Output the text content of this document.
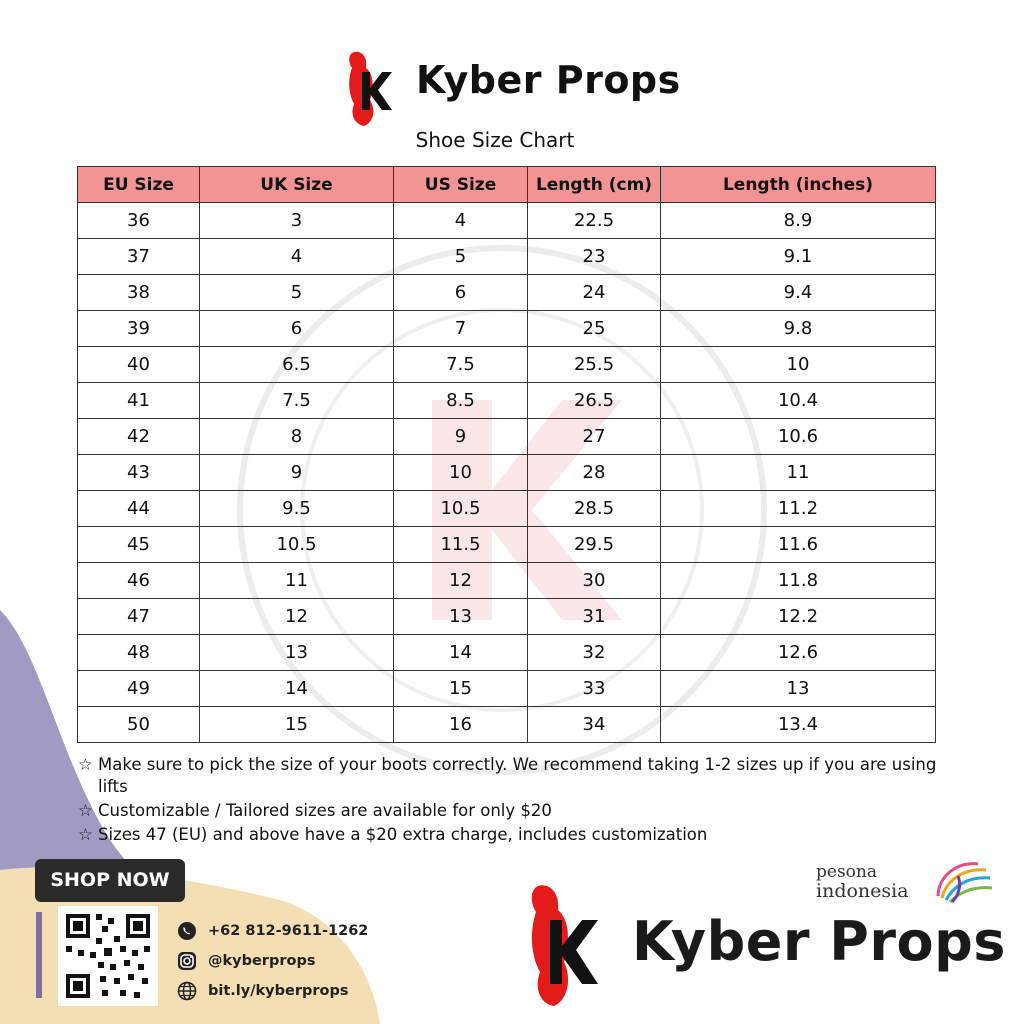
Kyber Props
Shoe Size Chart
EU Size	UK Size	US Size	Length (cm)	Length (inches)
36	3	4	22.5	8.9
37	4	5	23	9.1
38	5	6	24	9.4
39	6	7	25	9.8
40	6.5	7.5	25.5	10
41	7.5	8.5	26.5	10.4
42	8	9	27	10.6
43	9	10	28	11
44	9.5	10.5	28.5	11.2
45	10.5	11.5	29.5	11.6
46	11	12	30	11.8
47	12	13	31	12.2
48	13	14	32	12.6
49	14	15	33	13
50	15	16	34	13.4
☆ Make sure to pick the size of your boots correctly. We recommend taking 1-2 sizes up if you are using lifts
☆ Customizable / Tailored sizes are available for only $20
☆ Sizes 47 (EU) and above have a $20 extra charge, includes customization
SHOP NOW
+62 812-9611-1262
@kyberprops
bit.ly/kyberprops
pesona
indonesia
Kyber Props
